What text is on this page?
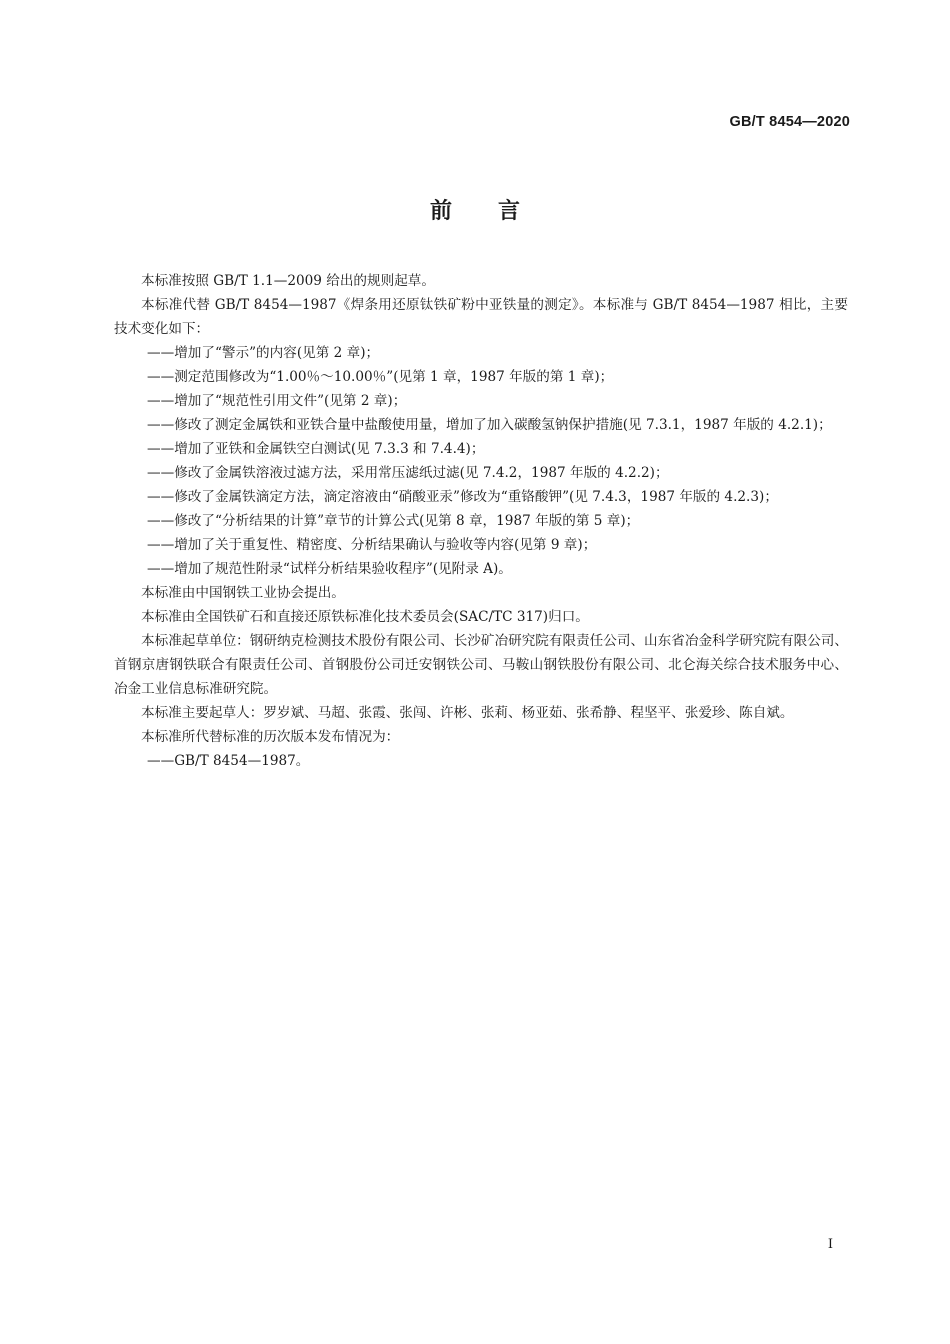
GB/T 8454—2020
前 言

本标准按照 GB/T 1.1—2009 给出的规则起草。

本标准代替 GB/T 8454—1987《焊条用还原钛铁矿粉中亚铁量的测定》。本标准与 GB/T 8454—1987 相比，主要技术变化如下：

——增加了“警示”的内容(见第 2 章)；

——测定范围修改为“1.00％～10.00％”(见第 1 章，1987 年版的第 1 章)；

——增加了“规范性引用文件”(见第 2 章)；

——修改了测定金属铁和亚铁合量中盐酸使用量，增加了加入碳酸氢钠保护措施(见 7.3.1，1987 年版的 4.2.1)；

——增加了亚铁和金属铁空白测试(见 7.3.3 和 7.4.4)；

——修改了金属铁溶液过滤方法，采用常压滤纸过滤(见 7.4.2，1987 年版的 4.2.2)；

——修改了金属铁滴定方法，滴定溶液由“硝酸亚汞”修改为“重铬酸钾”(见 7.4.3，1987 年版的 4.2.3)；

——修改了“分析结果的计算”章节的计算公式(见第 8 章，1987 年版的第 5 章)；

——增加了关于重复性、精密度、分析结果确认与验收等内容(见第 9 章)；

——增加了规范性附录“试样分析结果验收程序”(见附录 A)。

本标准由中国钢铁工业协会提出。

本标准由全国铁矿石和直接还原铁标准化技术委员会(SAC/TC 317)归口。

本标准起草单位：钢研纳克检测技术股份有限公司、长沙矿冶研究院有限责任公司、山东省冶金科学研究院有限公司、首钢京唐钢铁联合有限责任公司、首钢股份公司迁安钢铁公司、马鞍山钢铁股份有限公司、北仑海关综合技术服务中心、冶金工业信息标准研究院。

本标准主要起草人：罗岁斌、马超、张霞、张闯、许彬、张莉、杨亚茹、张希静、程坚平、张爱珍、陈自斌。

本标准所代替标准的历次版本发布情况为：

——GB/T 8454—1987。

I
